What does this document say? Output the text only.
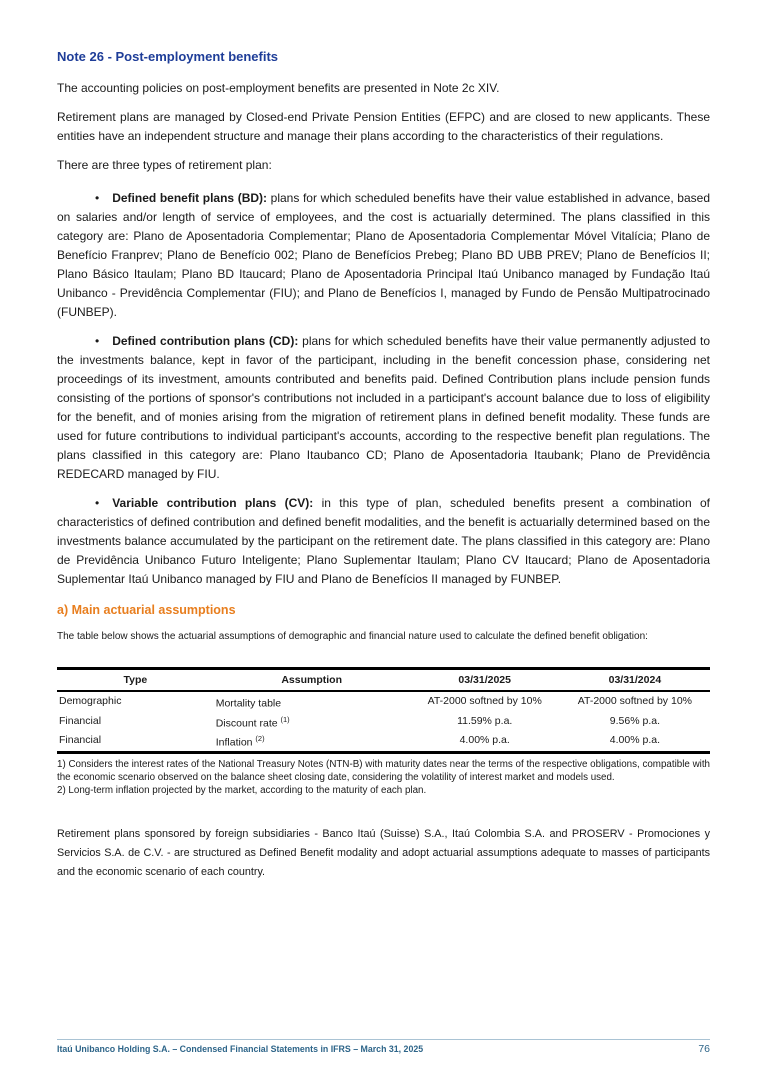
Note 26 - Post-employment benefits

The accounting policies on post-employment benefits are presented in Note 2c XIV.

Retirement plans are managed by Closed-end Private Pension Entities (EFPC) and are closed to new applicants. These entities have an independent structure and manage their plans according to the characteristics of their regulations.

There are three types of retirement plan:

• Defined benefit plans (BD): plans for which scheduled benefits have their value established in advance, based on salaries and/or length of service of employees, and the cost is actuarially determined. The plans classified in this category are: Plano de Aposentadoria Complementar; Plano de Aposentadoria Complementar Móvel Vitalícia; Plano de Benefício Franprev; Plano de Benefício 002; Plano de Benefícios Prebeg; Plano BD UBB PREV; Plano de Benefícios II; Plano Básico Itaulam; Plano BD Itaucard; Plano de Aposentadoria Principal Itaú Unibanco managed by Fundação Itaú Unibanco - Previdência Complementar (FIU); and Plano de Benefícios I, managed by Fundo de Pensão Multipatrocinado (FUNBEP).

• Defined contribution plans (CD): plans for which scheduled benefits have their value permanently adjusted to the investments balance, kept in favor of the participant, including in the benefit concession phase, considering net proceedings of its investment, amounts contributed and benefits paid. Defined Contribution plans include pension funds consisting of the portions of sponsor's contributions not included in a participant's account balance due to loss of eligibility for the benefit, and of monies arising from the migration of retirement plans in defined benefit modality. These funds are used for future contributions to individual participant's accounts, according to the respective benefit plan regulations. The plans classified in this category are: Plano Itaubanco CD; Plano de Aposentadoria Itaubank; Plano de Previdência REDECARD managed by FIU.

• Variable contribution plans (CV): in this type of plan, scheduled benefits present a combination of characteristics of defined contribution and defined benefit modalities, and the benefit is actuarially determined based on the investments balance accumulated by the participant on the retirement date. The plans classified in this category are: Plano de Previdência Unibanco Futuro Inteligente; Plano Suplementar Itaulam; Plano CV Itaucard; Plano de Aposentadoria Suplementar Itaú Unibanco managed by FIU and Plano de Benefícios II managed by FUNBEP.

a) Main actuarial assumptions

The table below shows the actuarial assumptions of demographic and financial nature used to calculate the defined benefit obligation:

Type	Assumption	03/31/2025	03/31/2024
Demographic	Mortality table	AT-2000 softned by 10%	AT-2000 softned by 10%
Financial	Discount rate $^{(1)}$	11.59% p.a.	9.56% p.a.
Financial	Inflation $^{(2)}$	4.00% p.a.	4.00% p.a.

1) Considers the interest rates of the National Treasury Notes (NTN-B) with maturity dates near the terms of the respective obligations, compatible with the economic scenario observed on the balance sheet closing date, considering the volatility of interest market and models used.

2) Long-term inflation projected by the market, according to the maturity of each plan.

Retirement plans sponsored by foreign subsidiaries - Banco Itaú (Suisse) S.A., Itaú Colombia S.A. and PROSERV - Promociones y Servicios S.A. de C.V. - are structured as Defined Benefit modality and adopt actuarial assumptions adequate to masses of participants and the economic scenario of each country.

Itaú Unibanco Holding S.A. – Condensed Financial Statements in IFRS – March 31, 2025	76
